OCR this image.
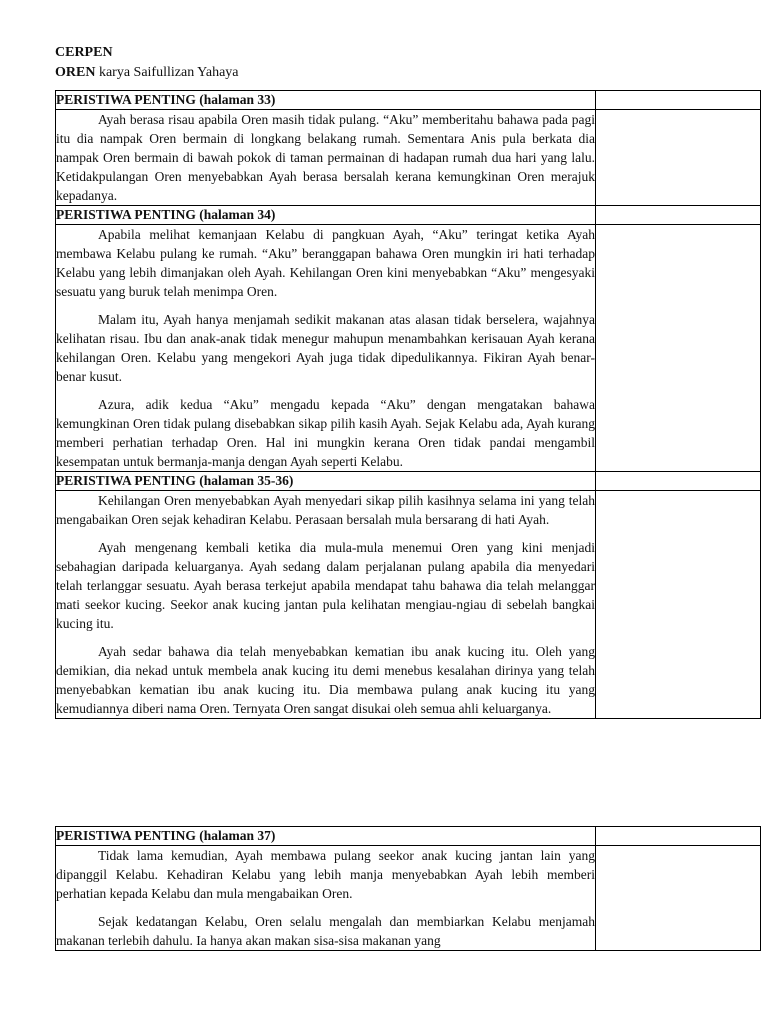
CERPEN
OREN karya Saifullizan Yahaya
PERISTIWA PENTING (halaman 33)	

Ayah berasa risau apabila Oren masih tidak pulang. “Aku” memberitahu bahawa pada pagi itu dia nampak Oren bermain di longkang belakang rumah. Sementara Anis pula berkata dia nampak Oren bermain di bawah pokok di taman permainan di hadapan rumah dua hari yang lalu. Ketidakpulangan Oren menyebabkan Ayah berasa bersalah kerana kemungkinan Oren merajuk kepadanya.	

PERISTIWA PENTING (halaman 34)	

Apabila melihat kemanjaan Kelabu di pangkuan Ayah, “Aku” teringat ketika Ayah membawa Kelabu pulang ke rumah. “Aku” beranggapan bahawa Oren mungkin iri hati terhadap Kelabu yang lebih dimanjakan oleh Ayah. Kehilangan Oren kini menyebabkan “Aku” mengesyaki sesuatu yang buruk telah menimpa Oren.

Malam itu, Ayah hanya menjamah sedikit makanan atas alasan tidak berselera, wajahnya kelihatan risau. Ibu dan anak-anak tidak menegur mahupun menambahkan kerisauan Ayah kerana kehilangan Oren. Kelabu yang mengekori Ayah juga tidak dipedulikannya. Fikiran Ayah benar-benar kusut.

Azura, adik kedua “Aku” mengadu kepada “Aku” dengan mengatakan bahawa kemungkinan Oren tidak pulang disebabkan sikap pilih kasih Ayah. Sejak Kelabu ada, Ayah kurang memberi perhatian terhadap Oren. Hal ini mungkin kerana Oren tidak pandai mengambil kesempatan untuk bermanja-manja dengan Ayah seperti Kelabu.	

PERISTIWA PENTING (halaman 35-36)	

Kehilangan Oren menyebabkan Ayah menyedari sikap pilih kasihnya selama ini yang telah mengabaikan Oren sejak kehadiran Kelabu. Perasaan bersalah mula bersarang di hati Ayah.

Ayah mengenang kembali ketika dia mula-mula menemui Oren yang kini menjadi sebahagian daripada keluarganya. Ayah sedang dalam perjalanan pulang apabila dia menyedari telah terlanggar sesuatu. Ayah berasa terkejut apabila mendapat tahu bahawa dia telah melanggar mati seekor kucing. Seekor anak kucing jantan pula kelihatan mengiau-ngiau di sebelah bangkai kucing itu.

Ayah sedar bahawa dia telah menyebabkan kematian ibu anak kucing itu. Oleh yang demikian, dia nekad untuk membela anak kucing itu demi menebus kesalahan dirinya yang telah menyebabkan kematian ibu anak kucing itu. Dia membawa pulang anak kucing itu yang kemudiannya diberi nama Oren. Ternyata Oren sangat disukai oleh semua ahli keluarganya.	

PERISTIWA PENTING (halaman 37)	

Tidak lama kemudian, Ayah membawa pulang seekor anak kucing jantan lain yang dipanggil Kelabu. Kehadiran Kelabu yang lebih manja menyebabkan Ayah lebih memberi perhatian kepada Kelabu dan mula mengabaikan Oren.

Sejak kedatangan Kelabu, Oren selalu mengalah dan membiarkan Kelabu menjamah makanan terlebih dahulu. Ia hanya akan makan sisa-sisa makanan yang	
